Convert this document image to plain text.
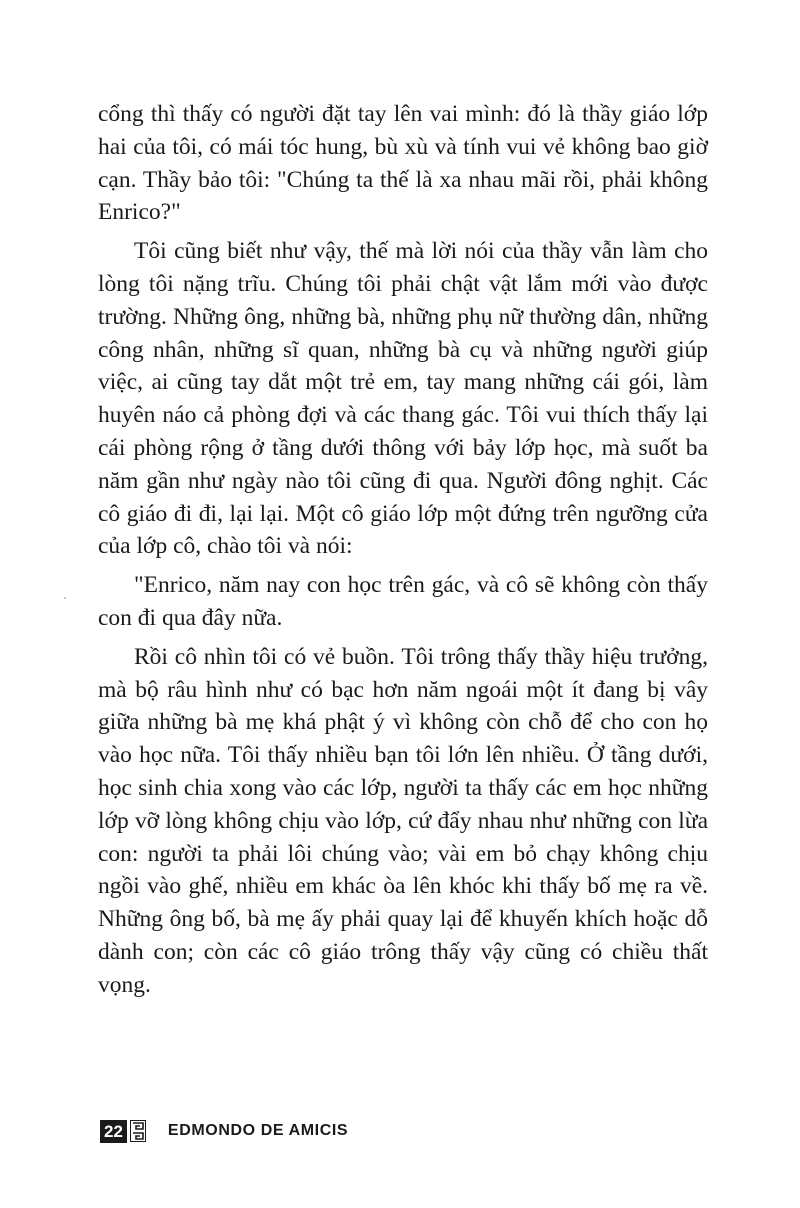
cổng thì thấy có người đặt tay lên vai mình: đó là thầy giáo lớp hai của tôi, có mái tóc hung, bù xù và tính vui vẻ không bao giờ cạn. Thầy bảo tôi: "Chúng ta thế là xa nhau mãi rồi, phải không Enrico?"

Tôi cũng biết như vậy, thế mà lời nói của thầy vẫn làm cho lòng tôi nặng trĩu. Chúng tôi phải chật vật lắm mới vào được trường. Những ông, những bà, những phụ nữ thường dân, những công nhân, những sĩ quan, những bà cụ và những người giúp việc, ai cũng tay dắt một trẻ em, tay mang những cái gói, làm huyên náo cả phòng đợi và các thang gác. Tôi vui thích thấy lại cái phòng rộng ở tầng dưới thông với bảy lớp học, mà suốt ba năm gần như ngày nào tôi cũng đi qua. Người đông nghịt. Các cô giáo đi đi, lại lại. Một cô giáo lớp một đứng trên ngưỡng cửa của lớp cô, chào tôi và nói:

"Enrico, năm nay con học trên gác, và cô sẽ không còn thấy con đi qua đây nữa.

Rồi cô nhìn tôi có vẻ buồn. Tôi trông thấy thầy hiệu trưởng, mà bộ râu hình như có bạc hơn năm ngoái một ít đang bị vây giữa những bà mẹ khá phật ý vì không còn chỗ để cho con họ vào học nữa. Tôi thấy nhiều bạn tôi lớn lên nhiều. Ở tầng dưới, học sinh chia xong vào các lớp, người ta thấy các em học những lớp vỡ lòng không chịu vào lớp, cứ đẩy nhau như những con lừa con: người ta phải lôi chúng vào; vài em bỏ chạy không chịu ngồi vào ghế, nhiều em khác òa lên khóc khi thấy bố mẹ ra về. Những ông bố, bà mẹ ấy phải quay lại để khuyến khích hoặc dỗ dành con; còn các cô giáo trông thấy vậy cũng có chiều thất vọng.

22	EDMONDO DE AMICIS
